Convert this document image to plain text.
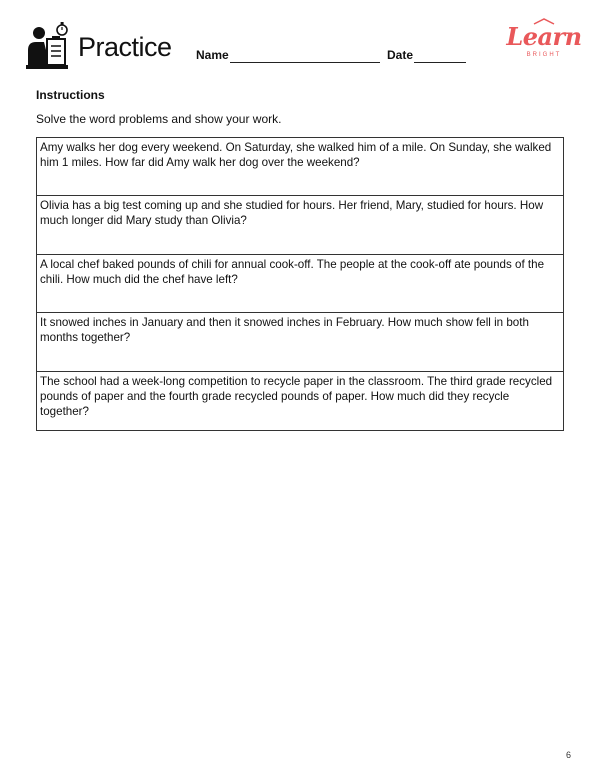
Practice Name	Date
Learn
BRIGHT
Instructions
Solve the word problems and show your work.
Amy walks her dog every weekend. On Saturday, she walked him of a mile. On Sunday, she walked him 1 miles. How far did Amy walk her dog over the weekend?
Olivia has a big test coming up and she studied for hours. Her friend, Mary, studied for hours. How much longer did Mary study than Olivia?
A local chef baked pounds of chili for annual cook-off. The people at the cook-off ate pounds of the chili. How much did the chef have left?
It snowed inches in January and then it snowed inches in February. How much show fell in both months together?
The school had a week-long competition to recycle paper in the classroom. The third grade recycled pounds of paper and the fourth grade recycled pounds of paper. How much did they recycle together?
6
